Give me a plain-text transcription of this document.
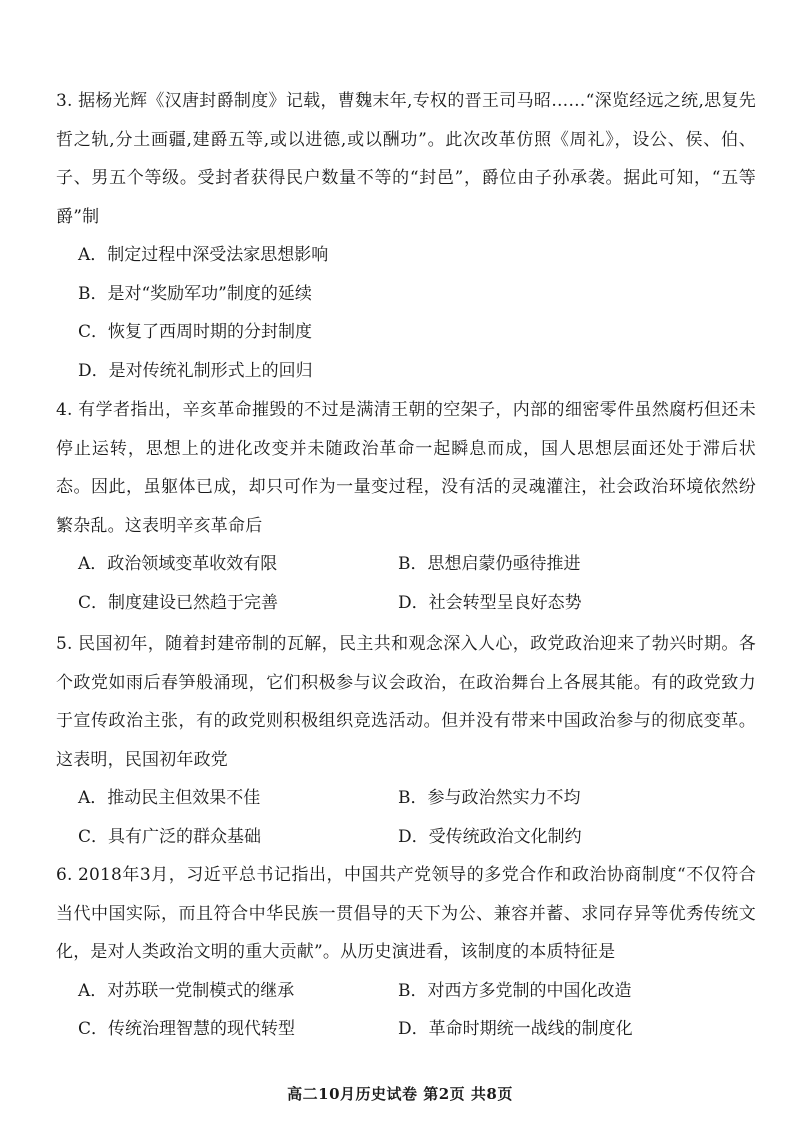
3. 据杨光辉《汉唐封爵制度》记载，曹魏末年,专权的晋王司马昭……“深览经远之统,思复先哲之轨,分土画疆,建爵五等,或以进德,或以酬功”。此次改革仿照《周礼》，设公、侯、伯、子、男五个等级。受封者获得民户数量不等的“封邑”，爵位由子孙承袭。据此可知，“五等爵”制
A．制定过程中深受法家思想影响
B．是对“奖励军功”制度的延续
C．恢复了西周时期的分封制度
D．是对传统礼制形式上的回归
4. 有学者指出，辛亥革命摧毁的不过是满清王朝的空架子，内部的细密零件虽然腐朽但还未停止运转，思想上的进化改变并未随政治革命一起瞬息而成，国人思想层面还处于滞后状态。因此，虽躯体已成，却只可作为一量变过程，没有活的灵魂灌注，社会政治环境依然纷繁杂乱。这表明辛亥革命后
A．政治领域变革收效有限	B．思想启蒙仍亟待推进
C．制度建设已然趋于完善	D．社会转型呈良好态势
5. 民国初年，随着封建帝制的瓦解，民主共和观念深入人心，政党政治迎来了勃兴时期。各个政党如雨后春笋般涌现，它们积极参与议会政治，在政治舞台上各展其能。有的政党致力于宣传政治主张，有的政党则积极组织竞选活动。但并没有带来中国政治参与的彻底变革。这表明，民国初年政党
A．推动民主但效果不佳	B．参与政治然实力不均
C．具有广泛的群众基础	D．受传统政治文化制约
6. 2018年3月，习近平总书记指出，中国共产党领导的多党合作和政治协商制度“不仅符合当代中国实际，而且符合中华民族一贯倡导的天下为公、兼容并蓄、求同存异等优秀传统文化，是对人类政治文明的重大贡献”。从历史演进看，该制度的本质特征是
A．对苏联一党制模式的继承	B．对西方多党制的中国化改造
C．传统治理智慧的现代转型	D．革命时期统一战线的制度化
高二10月历史试卷 第2页 共8页
